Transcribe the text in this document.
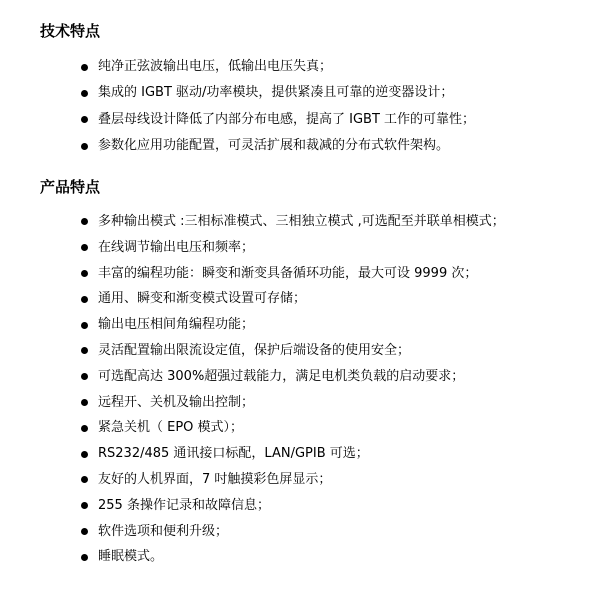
技术特点
纯净正弦波输出电压，低输出电压失真；
集成的 IGBT 驱动/功率模块，提供紧凑且可靠的逆变器设计；
叠层母线设计降低了内部分布电感，提高了 IGBT 工作的可靠性；
参数化应用功能配置，可灵活扩展和裁减的分布式软件架构。
产品特点
多种输出模式 :三相标准模式、三相独立模式 ,可选配至并联单相模式；
在线调节输出电压和频率；
丰富的编程功能：瞬变和渐变具备循环功能，最大可设 9999 次；
通用、瞬变和渐变模式设置可存储；
输出电压相间角编程功能；
灵活配置输出限流设定值，保护后端设备的使用安全；
可选配高达 300%超强过载能力，满足电机类负载的启动要求；
远程开、关机及输出控制；
紧急关机（ EPO 模式）；
RS232/485 通讯接口标配，LAN/GPIB 可选；
友好的人机界面，7 吋触摸彩色屏显示；
255 条操作记录和故障信息；
软件选项和便利升级；
睡眠模式。
